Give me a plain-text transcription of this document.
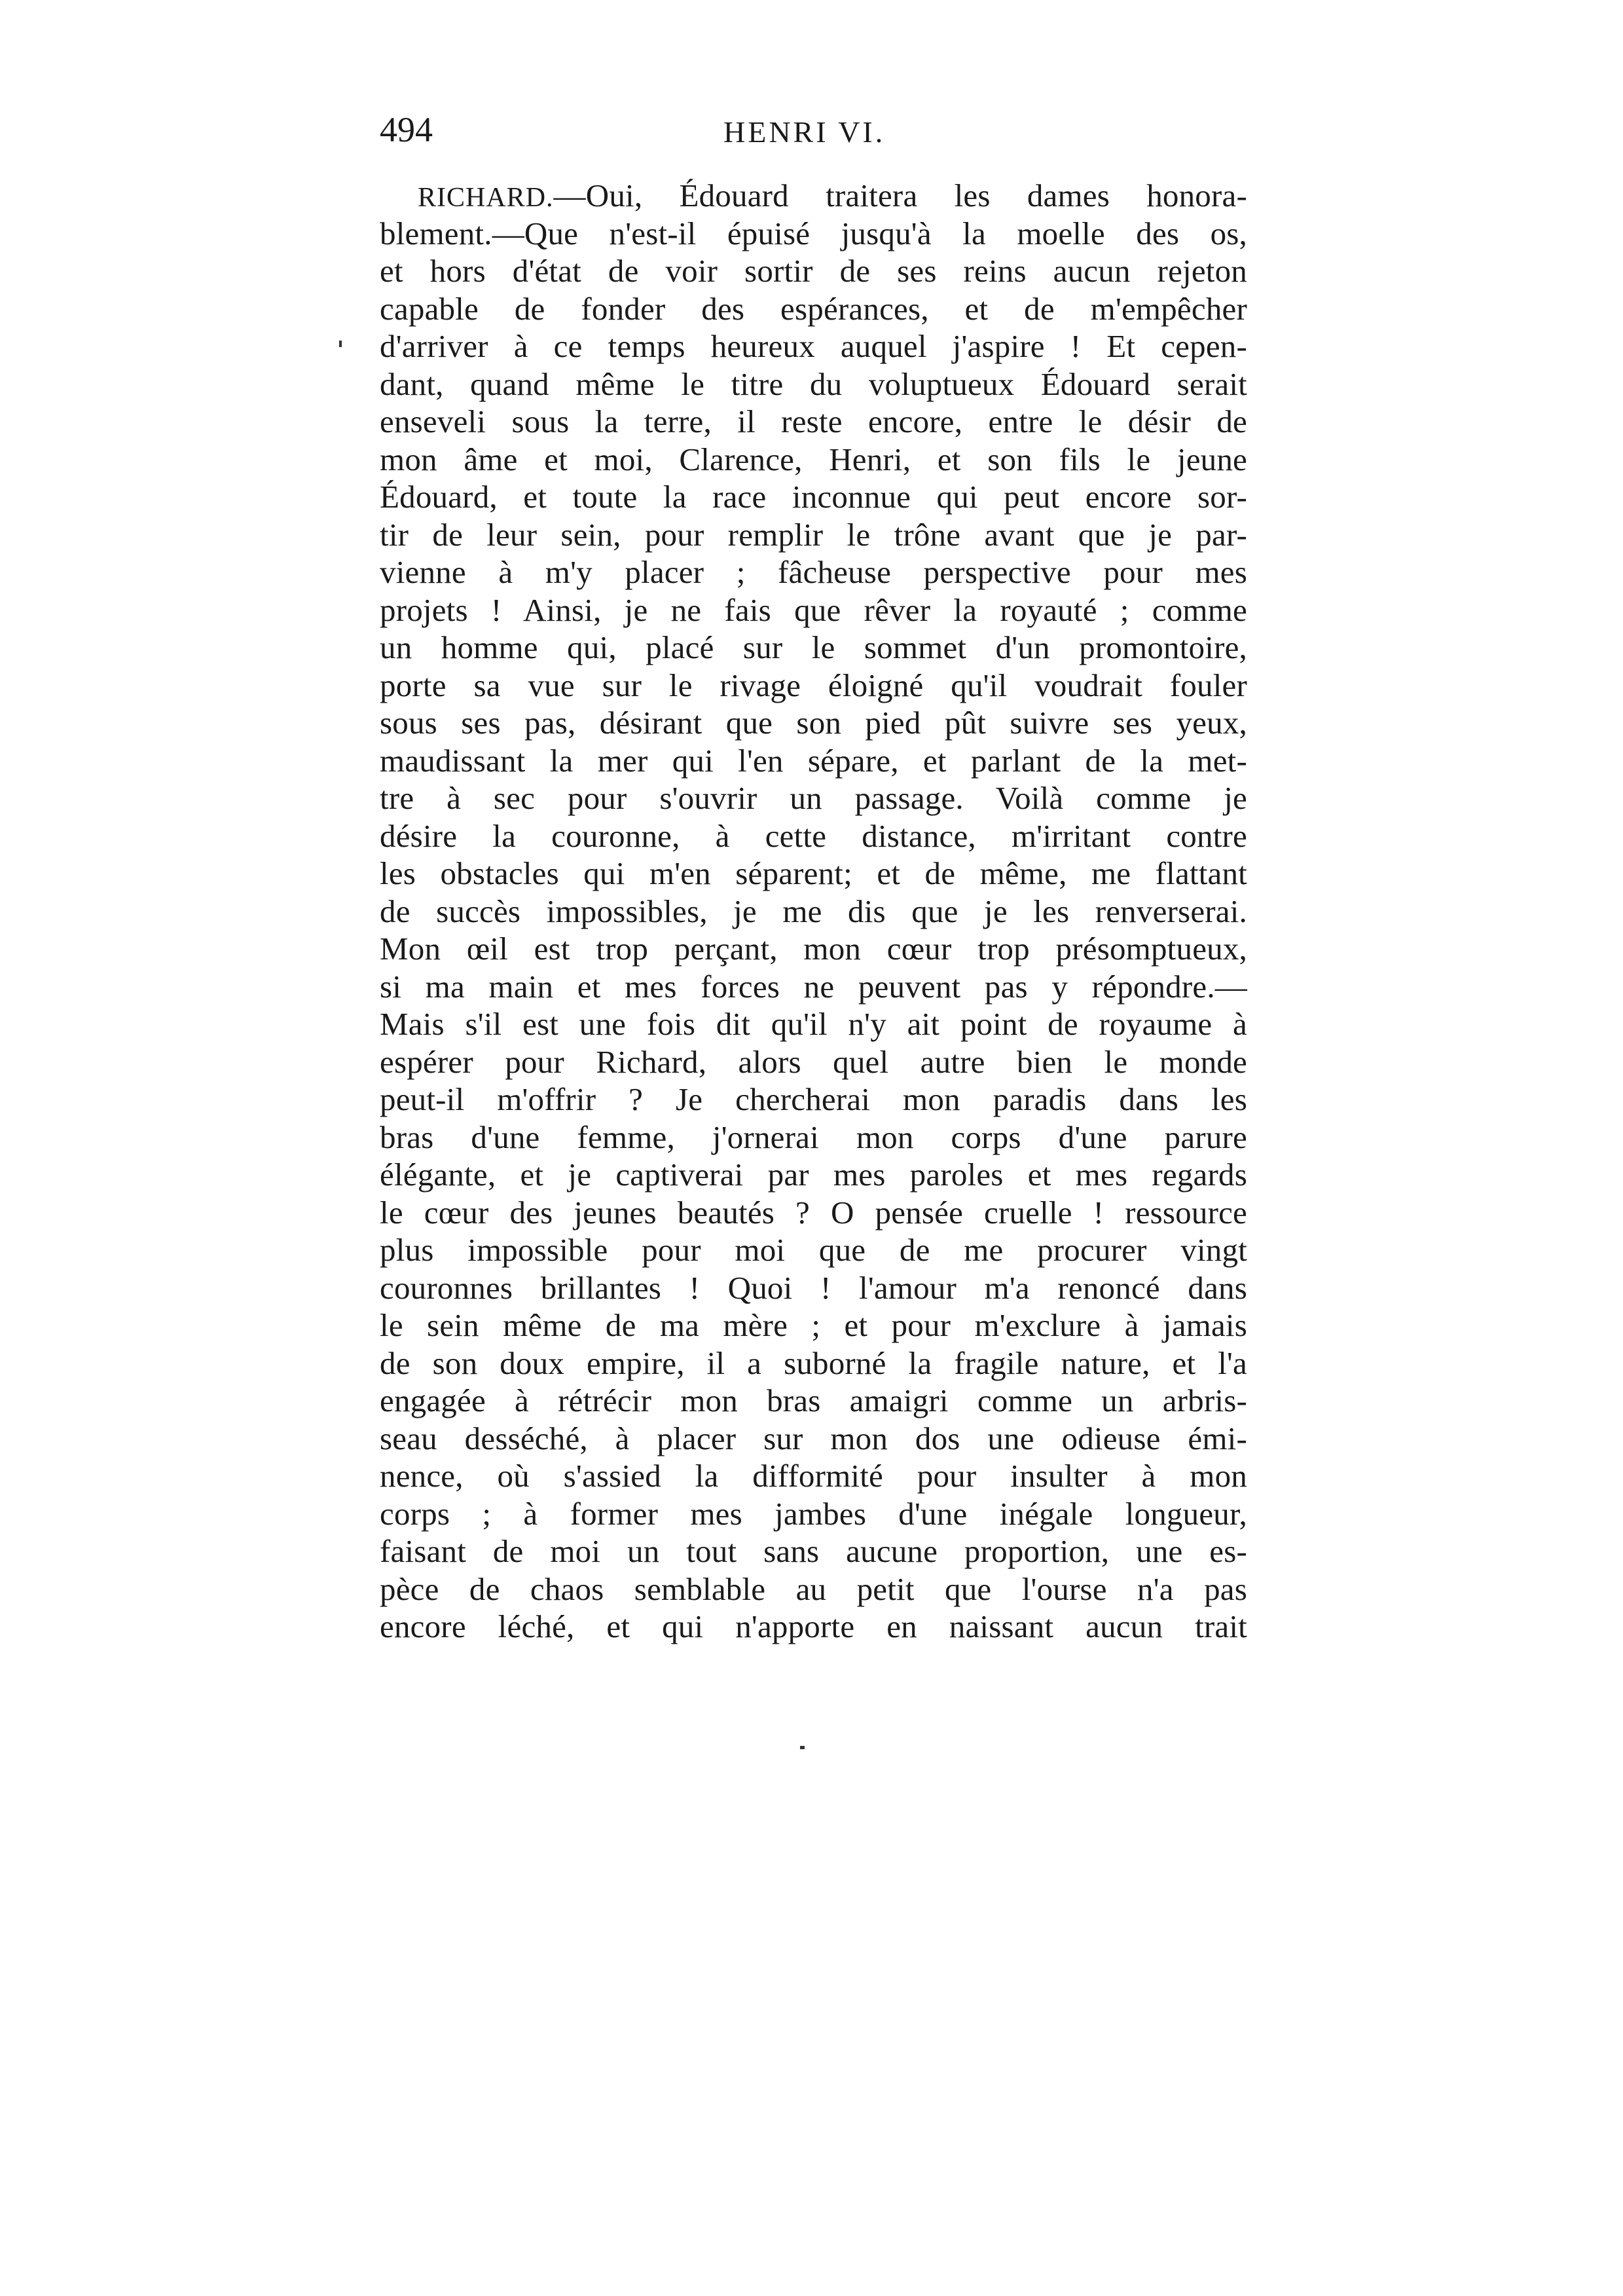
494	HENRI VI.
RICHARD.—Oui, Édouard traitera les dames honora-
blement.—Que n'est-il épuisé jusqu'à la moelle des os,
et hors d'état de voir sortir de ses reins aucun rejeton
capable de fonder des espérances, et de m'empêcher
d'arriver à ce temps heureux auquel j'aspire ! Et cepen-
dant, quand même le titre du voluptueux Édouard serait
enseveli sous la terre, il reste encore, entre le désir de
mon âme et moi, Clarence, Henri, et son fils le jeune
Édouard, et toute la race inconnue qui peut encore sor-
tir de leur sein, pour remplir le trône avant que je par-
vienne à m'y placer ; fâcheuse perspective pour mes
projets ! Ainsi, je ne fais que rêver la royauté ; comme
un homme qui, placé sur le sommet d'un promontoire,
porte sa vue sur le rivage éloigné qu'il voudrait fouler
sous ses pas, désirant que son pied pût suivre ses yeux,
maudissant la mer qui l'en sépare, et parlant de la met-
tre à sec pour s'ouvrir un passage. Voilà comme je
désire la couronne, à cette distance, m'irritant contre
les obstacles qui m'en séparent; et de même, me flattant
de succès impossibles, je me dis que je les renverserai.
Mon œil est trop perçant, mon cœur trop présomptueux,
si ma main et mes forces ne peuvent pas y répondre.—
Mais s'il est une fois dit qu'il n'y ait point de royaume à
espérer pour Richard, alors quel autre bien le monde
peut-il m'offrir ? Je chercherai mon paradis dans les
bras d'une femme, j'ornerai mon corps d'une parure
élégante, et je captiverai par mes paroles et mes regards
le cœur des jeunes beautés ? O pensée cruelle ! ressource
plus impossible pour moi que de me procurer vingt
couronnes brillantes ! Quoi ! l'amour m'a renoncé dans
le sein même de ma mère ; et pour m'exclure à jamais
de son doux empire, il a suborné la fragile nature, et l'a
engagée à rétrécir mon bras amaigri comme un arbris-
seau desséché, à placer sur mon dos une odieuse émi-
nence, où s'assied la difformité pour insulter à mon
corps ; à former mes jambes d'une inégale longueur,
faisant de moi un tout sans aucune proportion, une es-
pèce de chaos semblable au petit que l'ourse n'a pas
encore léché, et qui n'apporte en naissant aucun trait
